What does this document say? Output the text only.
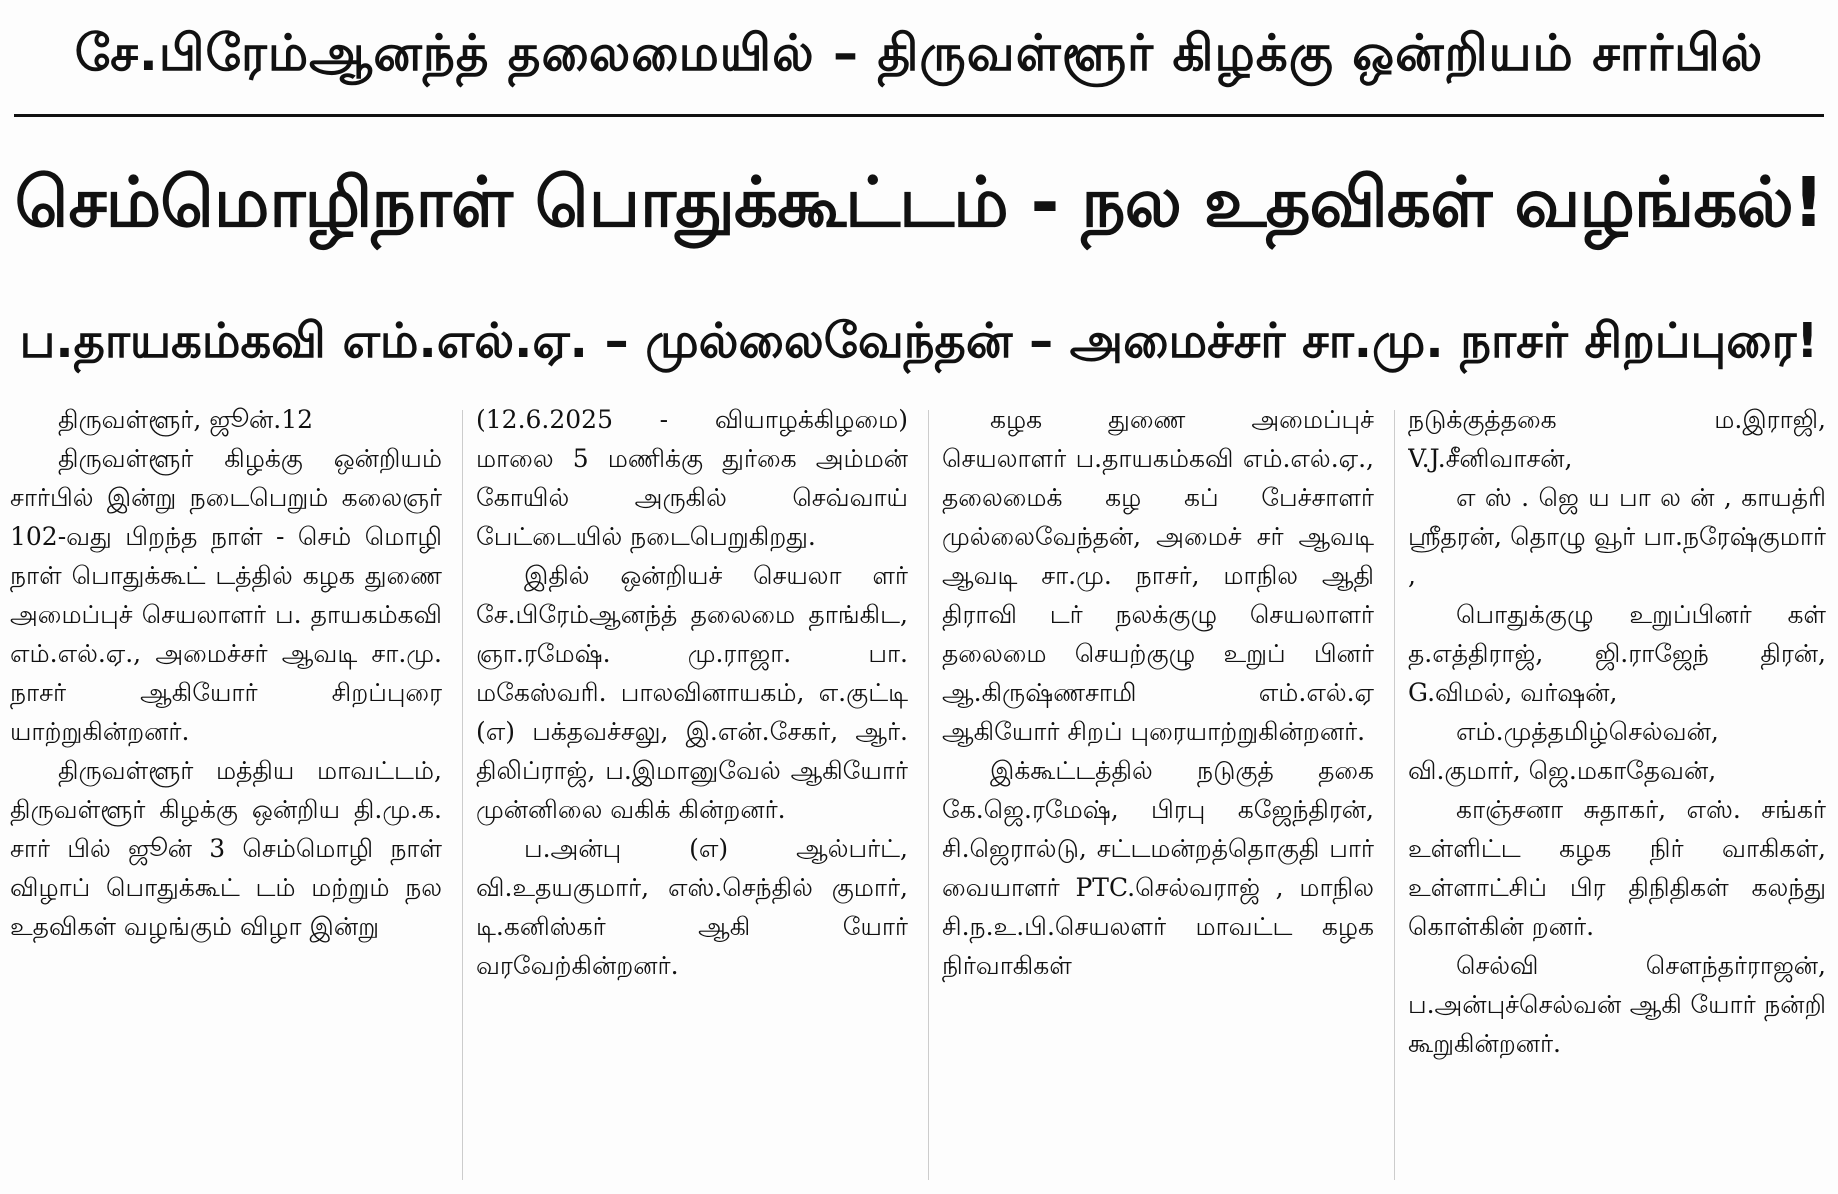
சே.பிரேம்ஆனந்த் தலைமையில் – திருவள்ளூர் கிழக்கு ஒன்றியம் சார்பில்
செம்மொழிநாள் பொதுக்கூட்டம் - நல உதவிகள் வழங்கல்!
ப.தாயகம்கவி எம்.எல்.ஏ. – முல்லைவேந்தன் – அமைச்சர் சா.மு. நாசர் சிறப்புரை!

திருவள்ளூர், ஜூன்.12

திருவள்ளூர் கிழக்கு ஒன்றியம் சார்பில் இன்று நடைபெறும் கலைஞர் 102-வது பிறந்த நாள் - செம் மொழி நாள் பொதுக்கூட் டத்தில் கழக துணை அமைப்புச் செயலாளர் ப. தாயகம்கவி எம்.எல்.ஏ., அமைச்சர் ஆவடி சா.மு. நாசர் ஆகியோர் சிறப்புரை யாற்றுகின்றனர்.

திருவள்ளூர் மத்திய மாவட்டம், திருவள்ளூர் கிழக்கு ஒன்றிய தி.மு.க. சார் பில் ஜூன் 3 செம்மொழி நாள் விழாப் பொதுக்கூட் டம் மற்றும் நல உதவிகள் வழங்கும் விழா இன்று

(12.6.2025 - வியாழக்கிழமை) மாலை 5 மணிக்கு துர்கை அம்மன் கோயில் அருகில் செவ்வாய் பேட்டையில் நடைபெறுகிறது.

இதில் ஒன்றியச் செயலா ளர் சே.பிரேம்ஆனந்த் தலைமை தாங்கிட, ஞா.ரமேஷ். மு.ராஜா. பா. மகேஸ்வரி. பாலவினாயகம், எ.குட்டி (எ) பக்தவச்சலு, இ.என்.சேகர், ஆர். திலிப்ராஜ், ப.இமானுவேல் ஆகியோர் முன்னிலை வகிக் கின்றனர்.

ப.அன்பு (எ) ஆல்பர்ட், வி.உதயகுமார், எஸ்.செந்தில் குமார், டி.கனிஸ்கர் ஆகி யோர் வரவேற்கின்றனர்.

கழக துணை அமைப்புச் செயலாளர் ப.தாயகம்கவி எம்.எல்.ஏ., தலைமைக் கழ கப் பேச்சாளர் முல்லைவேந்தன், அமைச் சர் ஆவடி ஆவடி சா.மு. நாசர், மாநில ஆதி திராவி டர் நலக்குழு செயலாளர் தலைமை செயற்குழு உறுப் பினர் ஆ.கிருஷ்ணசாமி எம்.எல்.ஏ ஆகியோர் சிறப் புரையாற்றுகின்றனர்.

இக்கூட்டத்தில் நடுகுத் தகை கே.ஜெ.ரமேஷ், பிரபு கஜேந்திரன், சி.ஜெரால்டு, சட்டமன்றத்தொகுதி பார் வையாளர் PTC.செல்வராஜ் , மாநில சி.ந.உ.பி.செயலளர் மாவட்ட கழக நிர்வாகிகள்

நடுக்குத்தகை ம.இராஜி, V.J.சீனிவாசன்,

எ ஸ் . ஜெ ய பா ல ன் , காயத்ரி ஸ்ரீதரன், தொழு வூர் பா.நரேஷ்குமார் ,

பொதுக்குழு உறுப்பினர் கள் த.எத்திராஜ், ஜி.ராஜேந் திரன், G.விமல், வர்ஷன்,

எம்.முத்தமிழ்செல்வன், வி.குமார், ஜெ.மகாதேவன்,

காஞ்சனா சுதாகர், எஸ். சங்கர் உள்ளிட்ட கழக நிர் வாகிகள், உள்ளாட்சிப் பிர திநிதிகள் கலந்து கொள்கின் றனர்.

செல்வி சௌந்தர்ராஜன், ப.அன்புச்செல்வன் ஆகி யோர் நன்றி கூறுகின்றனர்.
